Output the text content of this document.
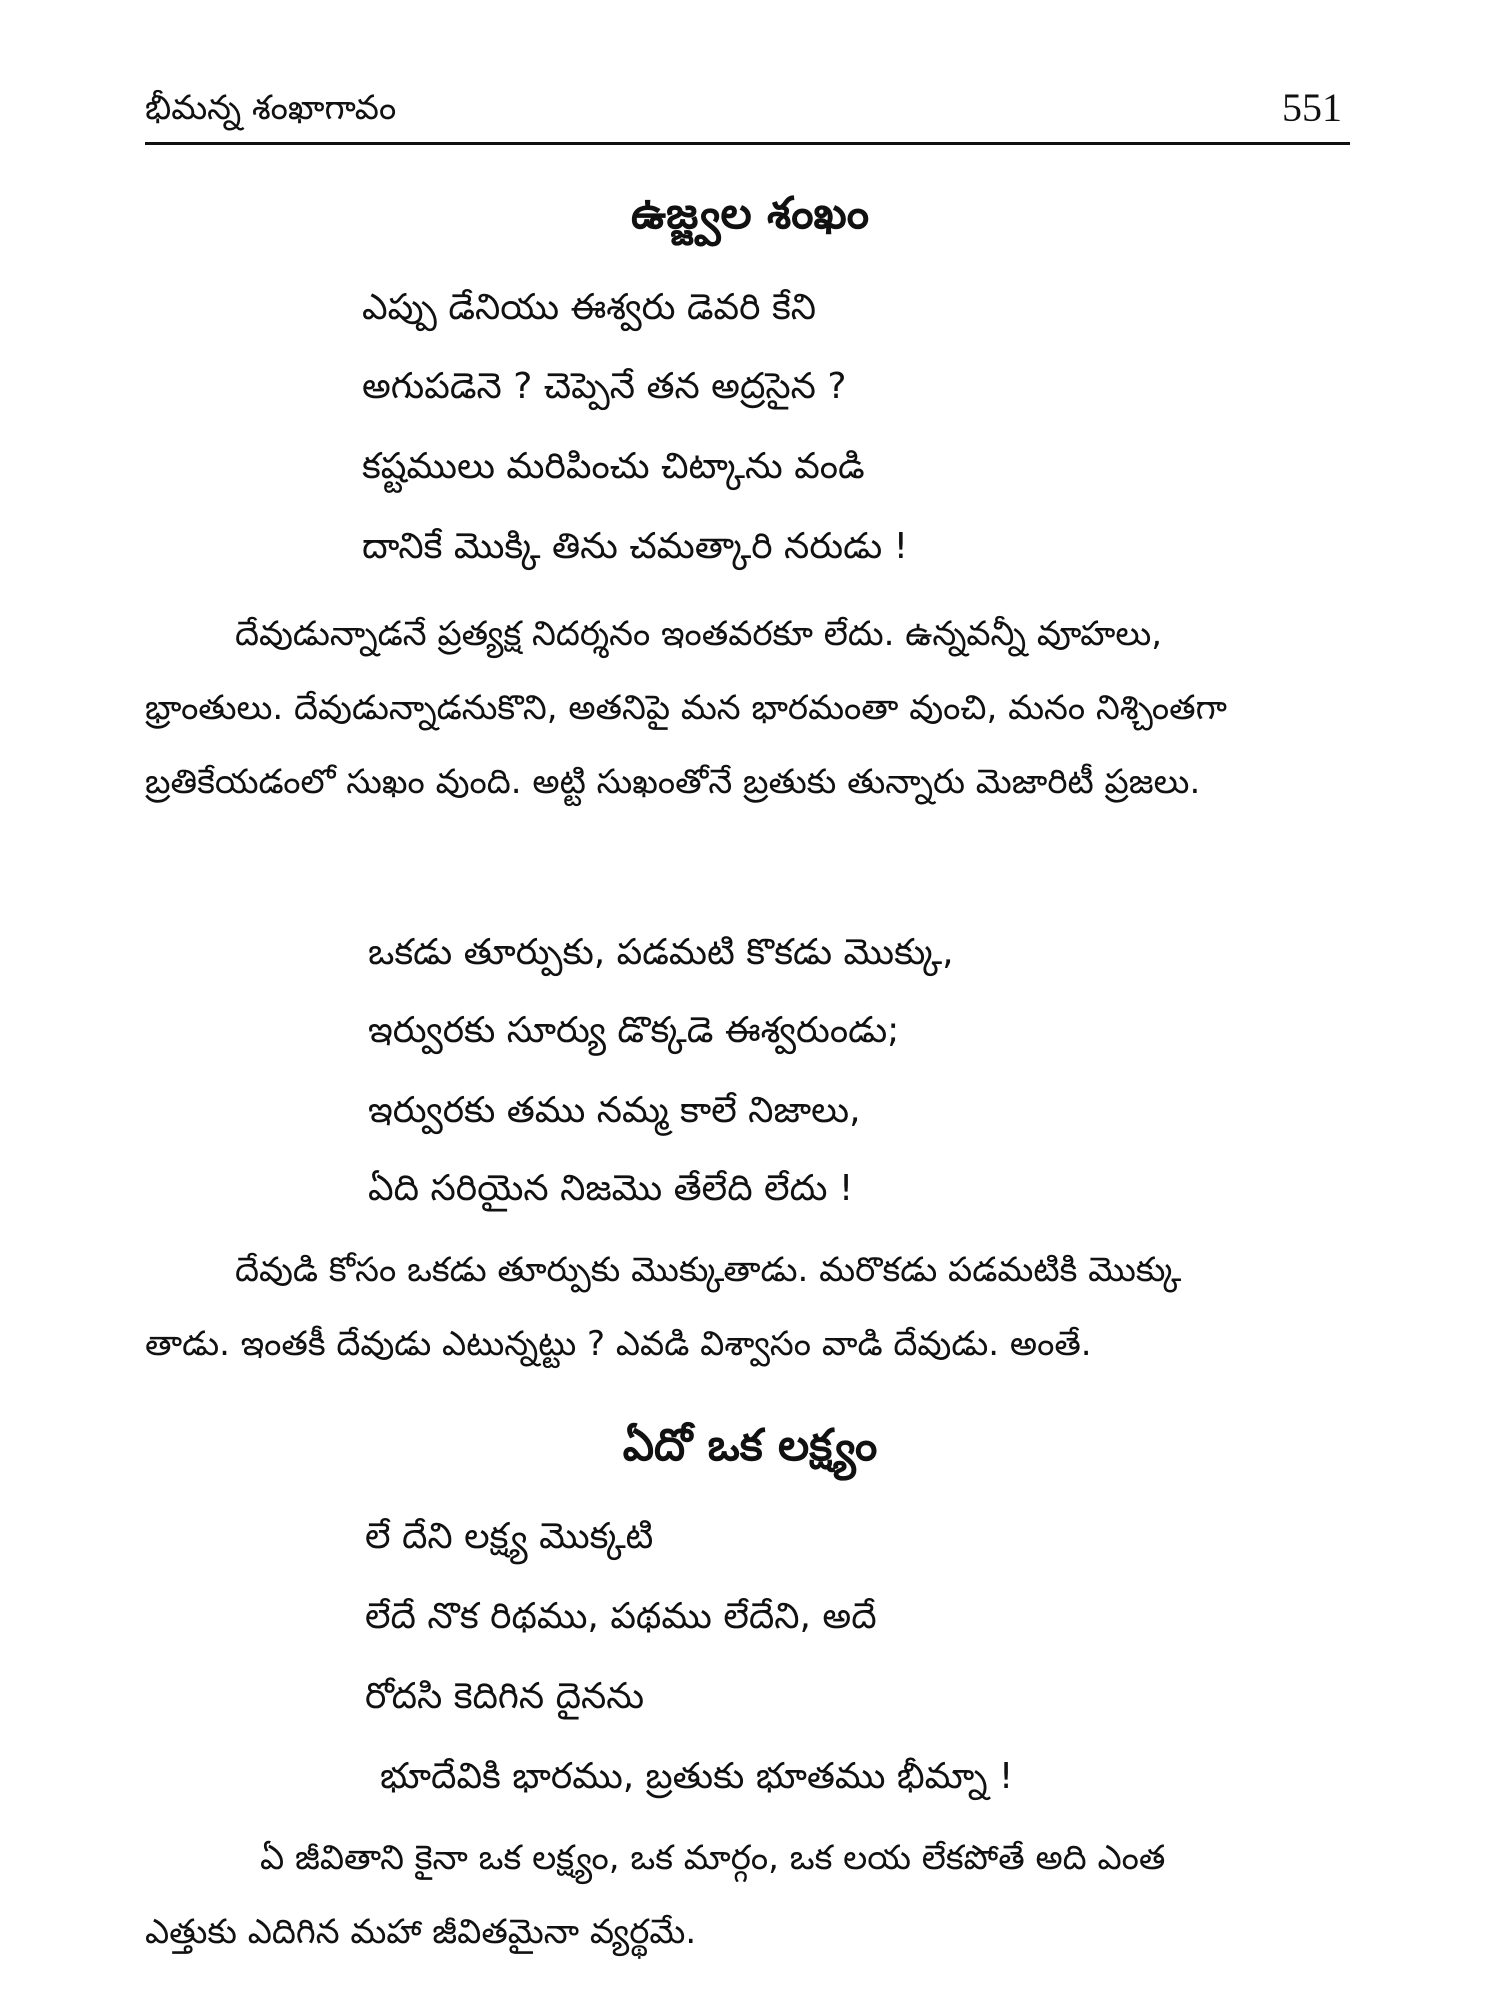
భీమన్న శంఖాగావం	551
ఉజ్జ్వల శంఖం
ఎప్పు డేనియు ఈశ్వరు డెవరి కేని
అగుపడెనె ? చెప్పెనే తన అద్రసైన ?
కష్టములు మరిపించు చిట్కాను వండి
దానికే మొక్కి తిను చమత్కారి నరుడు !
దేవుడున్నాడనే ప్రత్యక్ష నిదర్శనం ఇంతవరకూ లేదు. ఉన్నవన్నీ వూహలు,
భ్రాంతులు. దేవుడున్నాడనుకొని, అతనిపై మన భారమంతా వుంచి, మనం నిశ్చింతగా
బ్రతికేయడంలో సుఖం వుంది. అట్టి సుఖంతోనే బ్రతుకు తున్నారు మెజారిటీ ప్రజలు.
ఒకడు తూర్పుకు, పడమటి కొకడు మొక్కు,
ఇర్వురకు సూర్యు డొక్కడె ఈశ్వరుండు;
ఇర్వురకు తము నమ్మ కాలే నిజాలు,
ఏది సరియైన నిజమొ తేలేది లేదు !
దేవుడి కోసం ఒకడు తూర్పుకు మొక్కుతాడు. మరొకడు పడమటికి మొక్కు
తాడు. ఇంతకీ దేవుడు ఎటున్నట్టు ? ఎవడి విశ్వాసం వాడి దేవుడు. అంతే.
ఏదో ఒక లక్ష్యం
లే దేని లక్ష్య మొక్కటి
లేదే నొక రిథము, పథము లేదేని, అదే
రోదసి కెదిగిన దైనను
భూదేవికి భారము, బ్రతుకు భూతము భీమ్నా !
ఏ జీవితాని కైనా ఒక లక్ష్యం, ఒక మార్గం, ఒక లయ లేకపోతే అది ఎంత
ఎత్తుకు ఎదిగిన మహా జీవితమైనా వ్యర్థమే.
